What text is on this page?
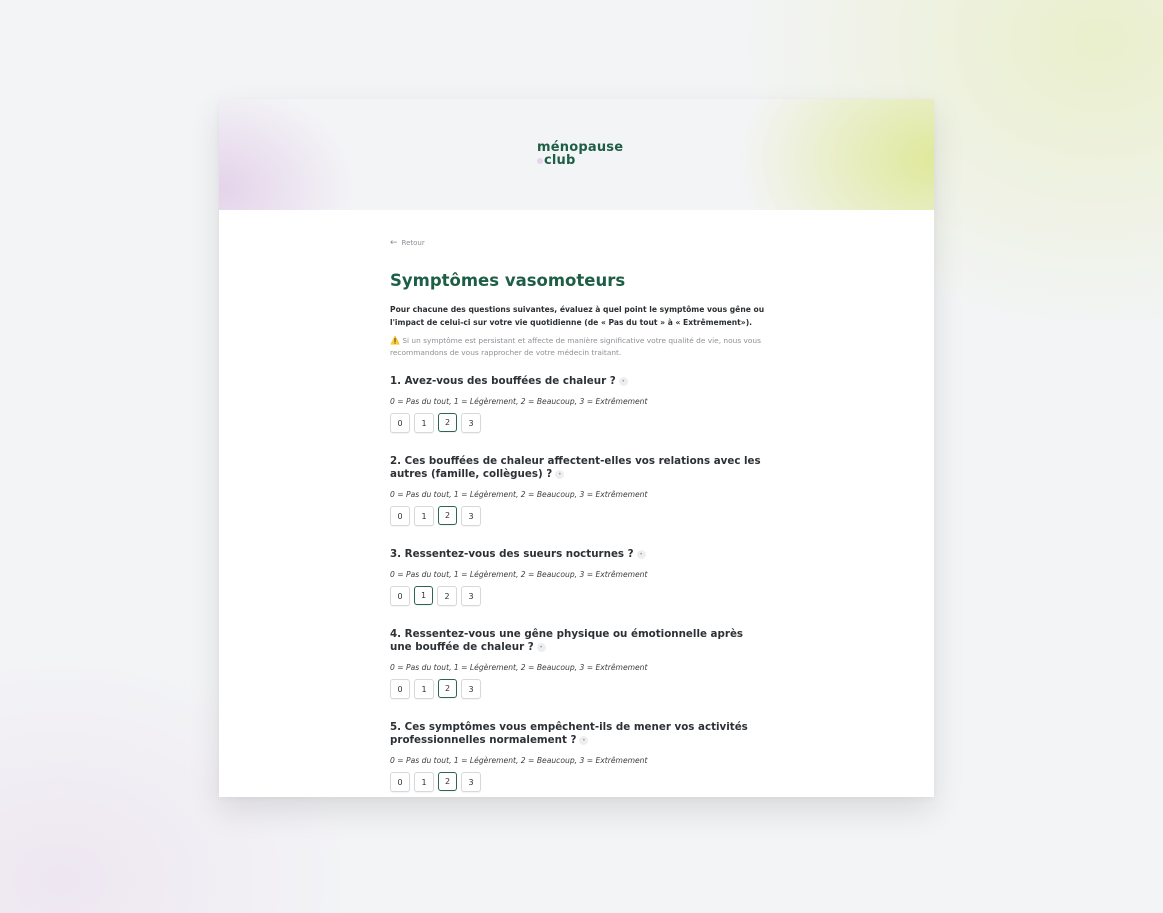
ménopause
club
← Retour
Symptômes vasomoteurs
Pour chacune des questions suivantes, évaluez à quel point le symptôme vous gêne ou l'impact de celui-ci sur votre vie quotidienne (de « Pas du tout » à « Extrêmement»).
⚠️ Si un symptôme est persistant et affecte de manière significative votre qualité de vie, nous vous recommandons de vous rapprocher de votre médecin traitant.
1. Avez-vous des bouffées de chaleur ? •
0 = Pas du tout, 1 = Légèrement, 2 = Beaucoup, 3 = Extrêmement
0	1	2	3
2. Ces bouffées de chaleur affectent-elles vos relations avec les autres (famille, collègues) ? •
0 = Pas du tout, 1 = Légèrement, 2 = Beaucoup, 3 = Extrêmement
0	1	2	3
3. Ressentez-vous des sueurs nocturnes ? •
0 = Pas du tout, 1 = Légèrement, 2 = Beaucoup, 3 = Extrêmement
0	1	2	3
4. Ressentez-vous une gêne physique ou émotionnelle après une bouffée de chaleur ? •
0 = Pas du tout, 1 = Légèrement, 2 = Beaucoup, 3 = Extrêmement
0	1	2	3
5. Ces symptômes vous empêchent-ils de mener vos activités professionnelles normalement ? •
0 = Pas du tout, 1 = Légèrement, 2 = Beaucoup, 3 = Extrêmement
0	1	2	3
